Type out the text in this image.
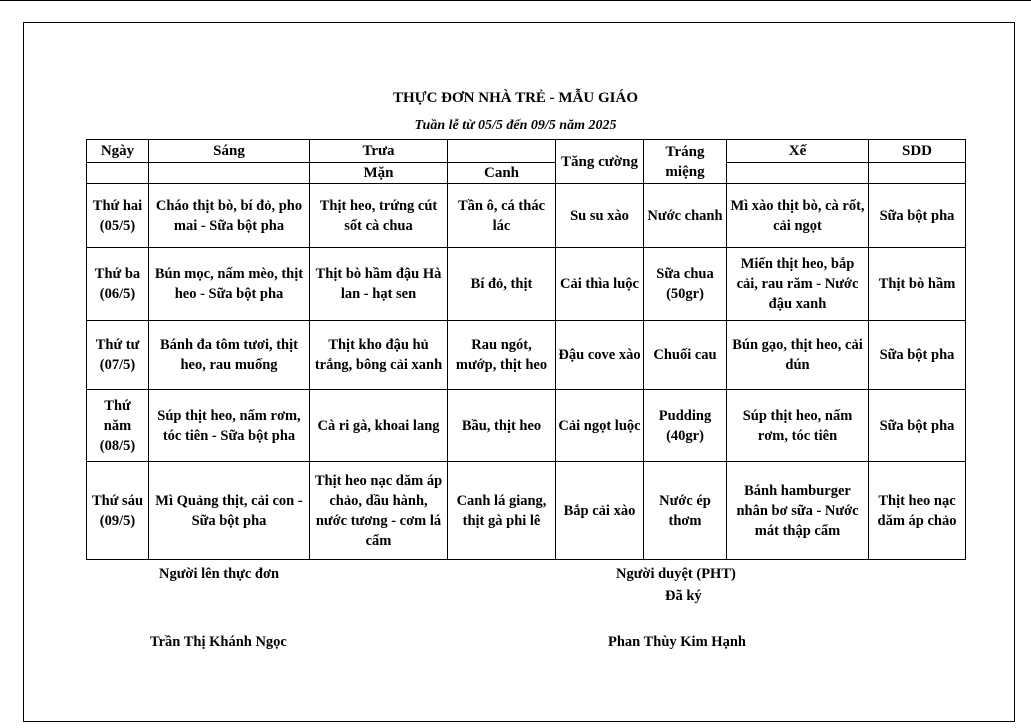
THỰC ĐƠN NHÀ TRẺ - MẪU GIÁO
Tuần lễ từ 05/5 đến 09/5 năm 2025
Ngày	Sáng	Trưa		Tăng cường	Tráng miệng	Xế	SDD
		Mặn	Canh				
Thứ hai (05/5)	Cháo thịt bò, bí đỏ, pho mai - Sữa bột pha	Thịt heo, trứng cút sốt cà chua	Tần ô, cá thác lác	Su su xào	Nước chanh	Mì xào thịt bò, cà rốt, cải ngọt	Sữa bột pha
Thứ ba (06/5)	Bún mọc, nấm mèo, thịt heo - Sữa bột pha	Thịt bò hầm đậu Hà lan - hạt sen	Bí đỏ, thịt	Cải thìa luộc	Sữa chua (50gr)	Miến thịt heo, bắp cải, rau răm - Nước đậu xanh	Thịt bò hầm
Thứ tư (07/5)	Bánh đa tôm tươi, thịt heo, rau muống	Thịt kho đậu hủ trắng, bông cải xanh	Rau ngót, mướp, thịt heo	Đậu cove xào	Chuối cau	Bún gạo, thịt heo, cải dún	Sữa bột pha
Thứ năm (08/5)	Súp thịt heo, nấm rơm, tóc tiên - Sữa bột pha	Cà ri gà, khoai lang	Bầu, thịt heo	Cải ngọt luộc	Pudding (40gr)	Súp thịt heo, nấm rơm, tóc tiên	Sữa bột pha
Thứ sáu (09/5)	Mì Quảng thịt, cải con - Sữa bột pha	Thịt heo nạc dăm áp chảo, dầu hành, nước tương - cơm lá cẩm	Canh lá giang, thịt gà phi lê	Bắp cải xào	Nước ép thơm	Bánh hamburger nhân bơ sữa - Nước mát thập cẩm	Thịt heo nạc dăm áp chảo
Người lên thực đơn
Trần Thị Khánh Ngọc
Người duyệt (PHT)
Đã ký
Phan Thùy Kim Hạnh
